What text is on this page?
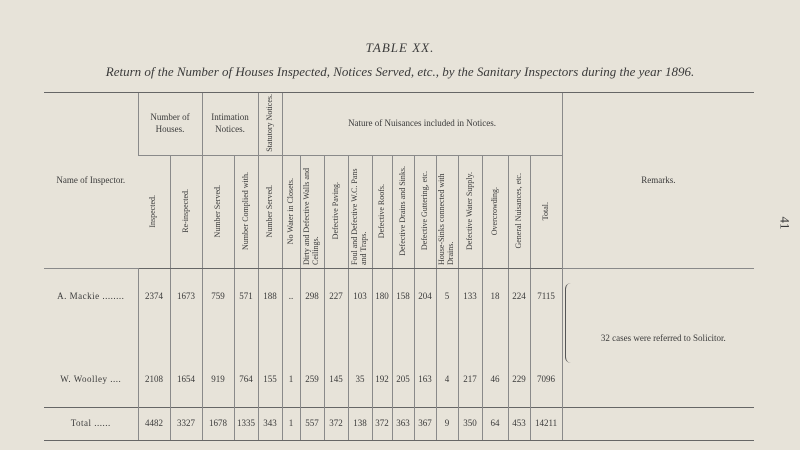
TABLE XX.
Return of the Number of Houses Inspected, Notices Served, etc., by the Sanitary Inspectors during the year 1896.
41
Name of Inspector.	Number of Houses.		Intimation Notices.		Statutory Notices.	Nature of Nuisances included in Notices.												Remarks.
	Inspected.	Re-inspected.	Number Served.	Number Complied with.	Number Served.	No Water in Closets.	Dirty and Defective Walls and Ceilings.	Defective Paving.	Foul and Defective W.C. Pans and Traps.	Defective Roofs.	Defective Drains and Sinks.	Defective Guttering, etc.	House-Sinks connected with Drains.	Defective Water Supply.	Overcrowding.	General Nuisances, etc.	Total.	
A. Mackie ........	2374	1673	759	571	188	..	298	227	103	180	158	204	5	133	18	224	7115	32 cases were referred to Solicitor.

W. Woolley ....	2108	1654	919	764	155	1	259	145	35	192	205	163	4	217	46	229	7096	
Total ......	4482	3327	1678	1335	343	1	557	372	138	372	363	367	9	350	64	453	14211	
